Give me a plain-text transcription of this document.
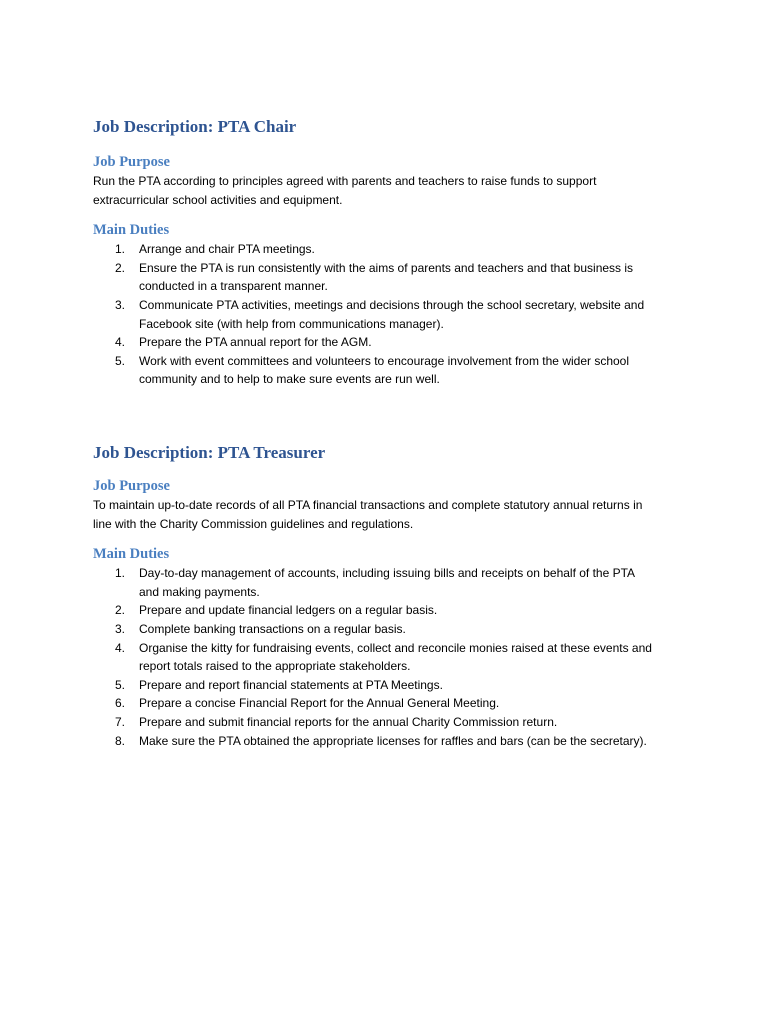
Job Description: PTA Chair
Job Purpose

Run the PTA according to principles agreed with parents and teachers to raise funds to support extracurricular school activities and equipment.

Main Duties
1. Arrange and chair PTA meetings.
2. Ensure the PTA is run consistently with the aims of parents and teachers and that business is conducted in a transparent manner.
3. Communicate PTA activities, meetings and decisions through the school secretary, website and Facebook site (with help from communications manager).
4. Prepare the PTA annual report for the AGM.
5. Work with event committees and volunteers to encourage involvement from the wider school community and to help to make sure events are run well.
Job Description: PTA Treasurer
Job Purpose

To maintain up-to-date records of all PTA financial transactions and complete statutory annual returns in line with the Charity Commission guidelines and regulations.

Main Duties
1. Day-to-day management of accounts, including issuing bills and receipts on behalf of the PTA and making payments.
2. Prepare and update financial ledgers on a regular basis.
3. Complete banking transactions on a regular basis.
4. Organise the kitty for fundraising events, collect and reconcile monies raised at these events and report totals raised to the appropriate stakeholders.
5. Prepare and report financial statements at PTA Meetings.
6. Prepare a concise Financial Report for the Annual General Meeting.
7. Prepare and submit financial reports for the annual Charity Commission return.
8. Make sure the PTA obtained the appropriate licenses for raffles and bars (can be the secretary).
